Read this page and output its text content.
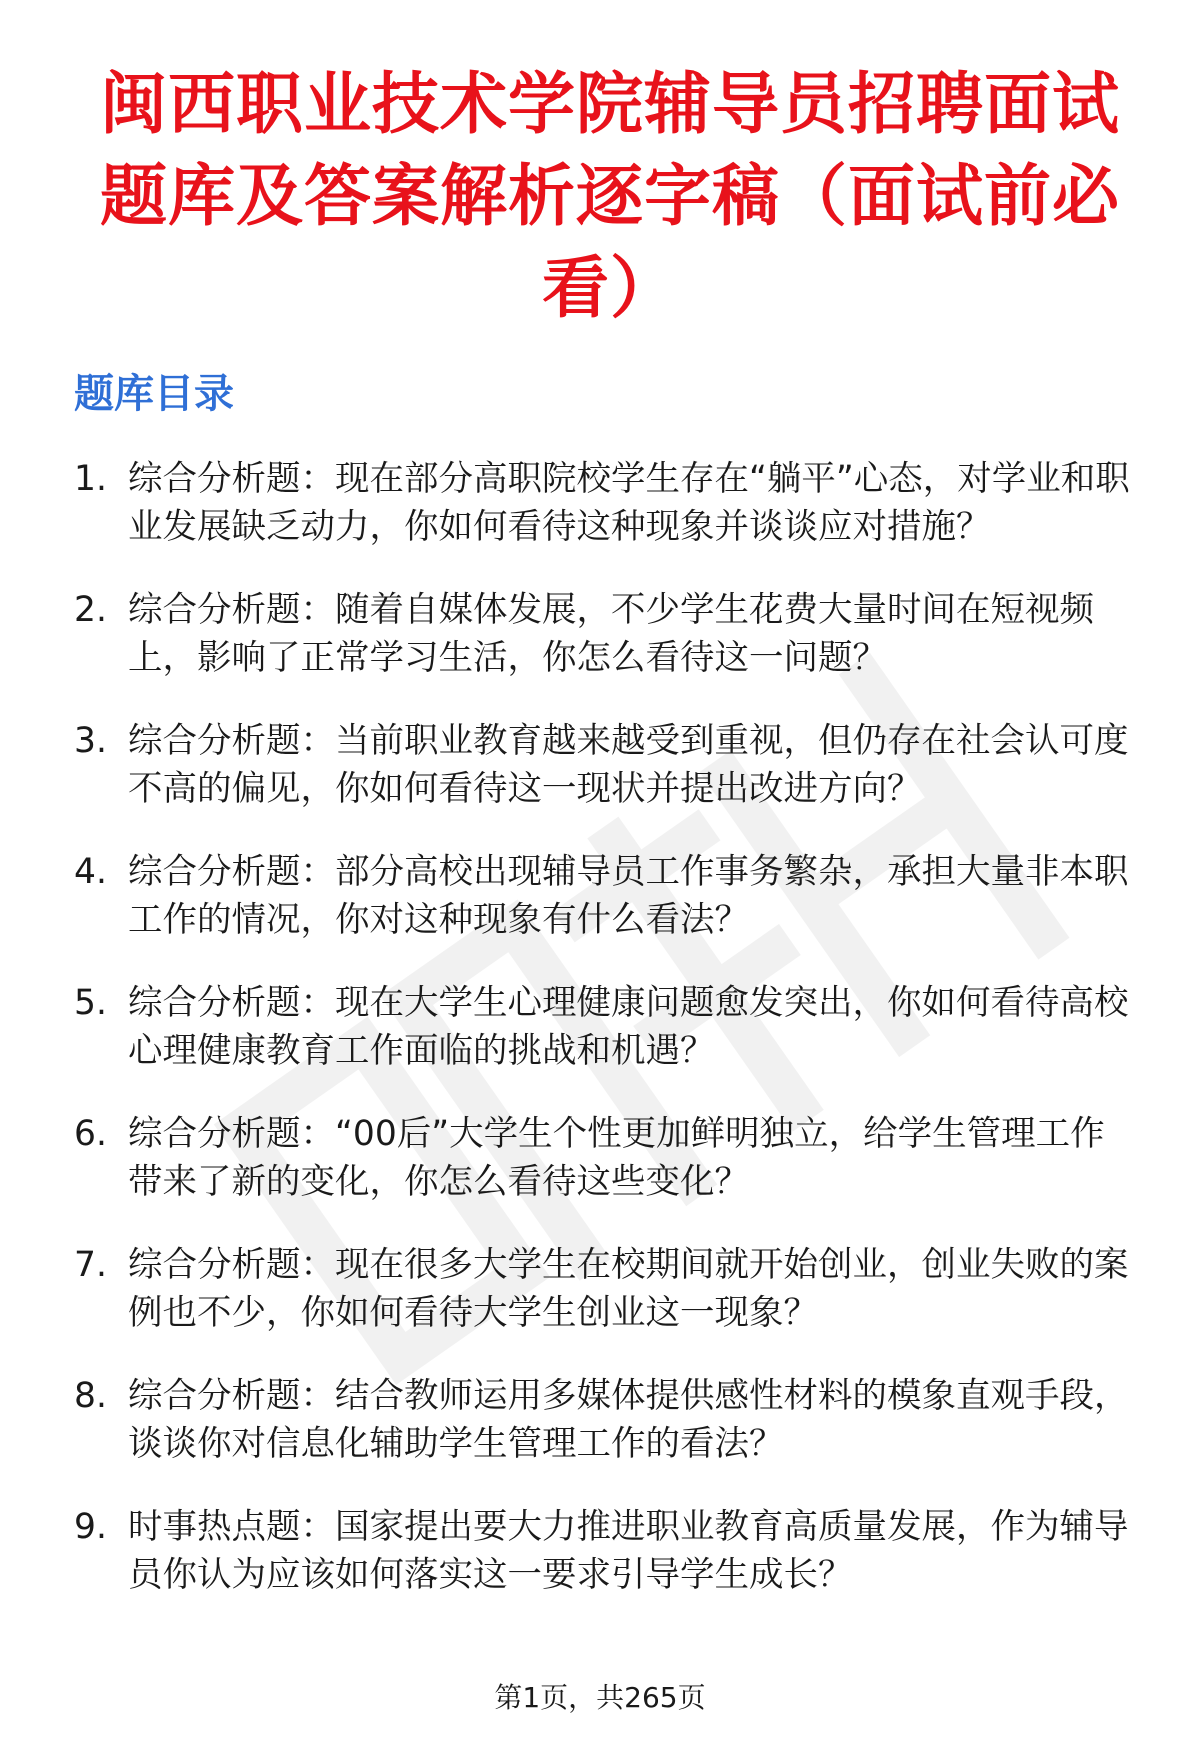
闽西职业技术学院辅导员招聘面试题库及答案解析逐字稿（面试前必看）
题库目录
1. 综合分析题：现在部分高职院校学生存在“躺平”心态，对学业和职业发展缺乏动力，你如何看待这种现象并谈谈应对措施？
2. 综合分析题：随着自媒体发展，不少学生花费大量时间在短视频上，影响了正常学习生活，你怎么看待这一问题？
3. 综合分析题：当前职业教育越来越受到重视，但仍存在社会认可度不高的偏见，你如何看待这一现状并提出改进方向？
4. 综合分析题：部分高校出现辅导员工作事务繁杂，承担大量非本职工作的情况，你对这种现象有什么看法？
5. 综合分析题：现在大学生心理健康问题愈发突出，你如何看待高校心理健康教育工作面临的挑战和机遇？
6. 综合分析题：“00后”大学生个性更加鲜明独立，给学生管理工作带来了新的变化，你怎么看待这些变化？
7. 综合分析题：现在很多大学生在校期间就开始创业，创业失败的案例也不少，你如何看待大学生创业这一现象？
8. 综合分析题：结合教师运用多媒体提供感性材料的模象直观手段，谈谈你对信息化辅助学生管理工作的看法？
9. 时事热点题：国家提出要大力推进职业教育高质量发展，作为辅导员你认为应该如何落实这一要求引导学生成长？
第1页，共265页
